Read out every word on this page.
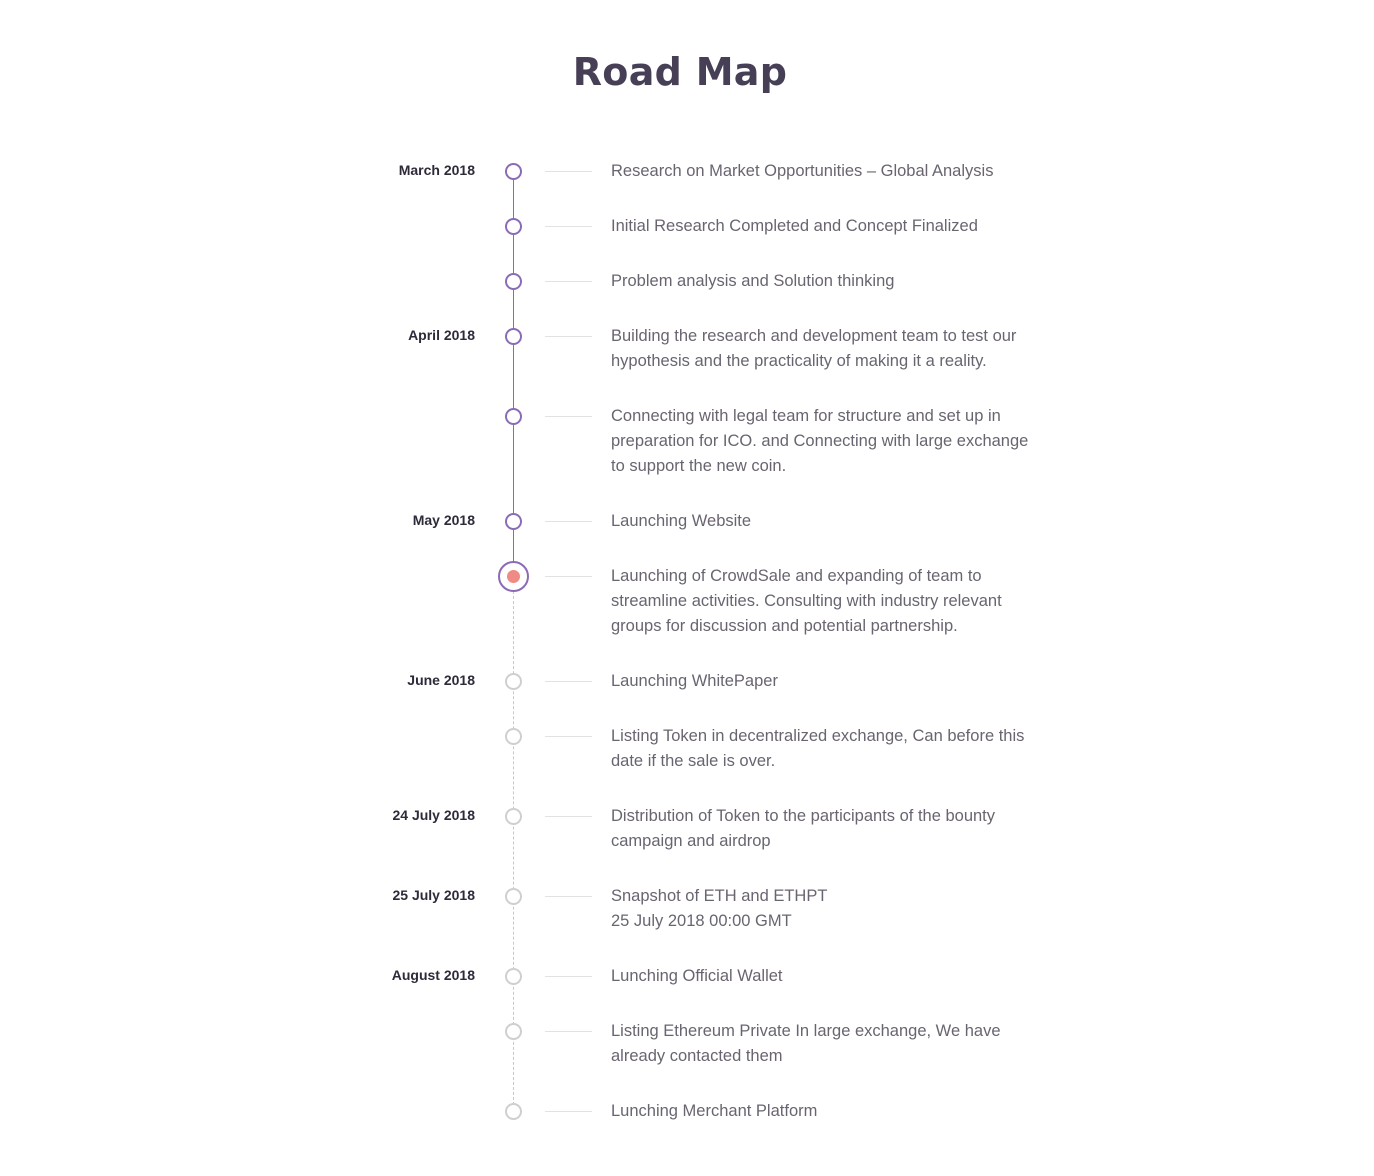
Road Map
March 2018	Research on Market Opportunities – Global Analysis
Initial Research Completed and Concept Finalized
Problem analysis and Solution thinking
April 2018	Building the research and development team to test our hypothesis and the practicality of making it a reality.
Connecting with legal team for structure and set up in preparation for ICO. and Connecting with large exchange to support the new coin.
May 2018	Launching Website
Launching of CrowdSale and expanding of team to streamline activities. Consulting with industry relevant groups for discussion and potential partnership.
June 2018	Launching WhitePaper
Listing Token in decentralized exchange, Can before this date if the sale is over.
24 July 2018	Distribution of Token to the participants of the bounty campaign and airdrop
25 July 2018	Snapshot of ETH and ETHPT
25 July 2018 00:00 GMT
August 2018	Lunching Official Wallet
Listing Ethereum Private In large exchange, We have already contacted them
Lunching Merchant Platform
